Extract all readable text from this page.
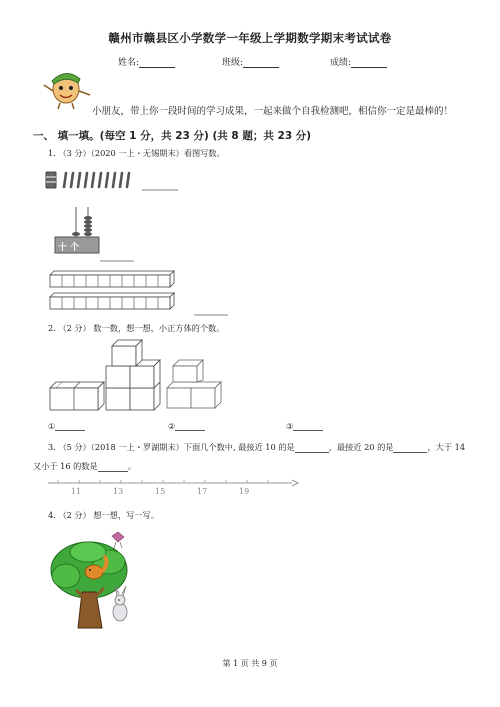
赣州市赣县区小学数学一年级上学期数学期末考试试卷
姓名:	班级:	成绩:
小朋友，带上你一段时间的学习成果，一起来做个自我检测吧，相信你一定是最棒的！
一、 填一填。(每空 1 分，共 23 分) (共 8 题；共 23 分)
1. （3 分）（2020 一上・无锡期末）看图写数。
十 个
2. （2 分） 数一数，想一想，小正方体的个数。
①	②	③
3. （5 分）（2018 一上・罗湖期末）下面几个数中, 最接近 10 的是	，最接近 20 的是	，大于 14
又小于 16 的数是	。
11	13	15	17	19
4. （2 分） 想一想，写一写。
第 1 页 共 9 页
